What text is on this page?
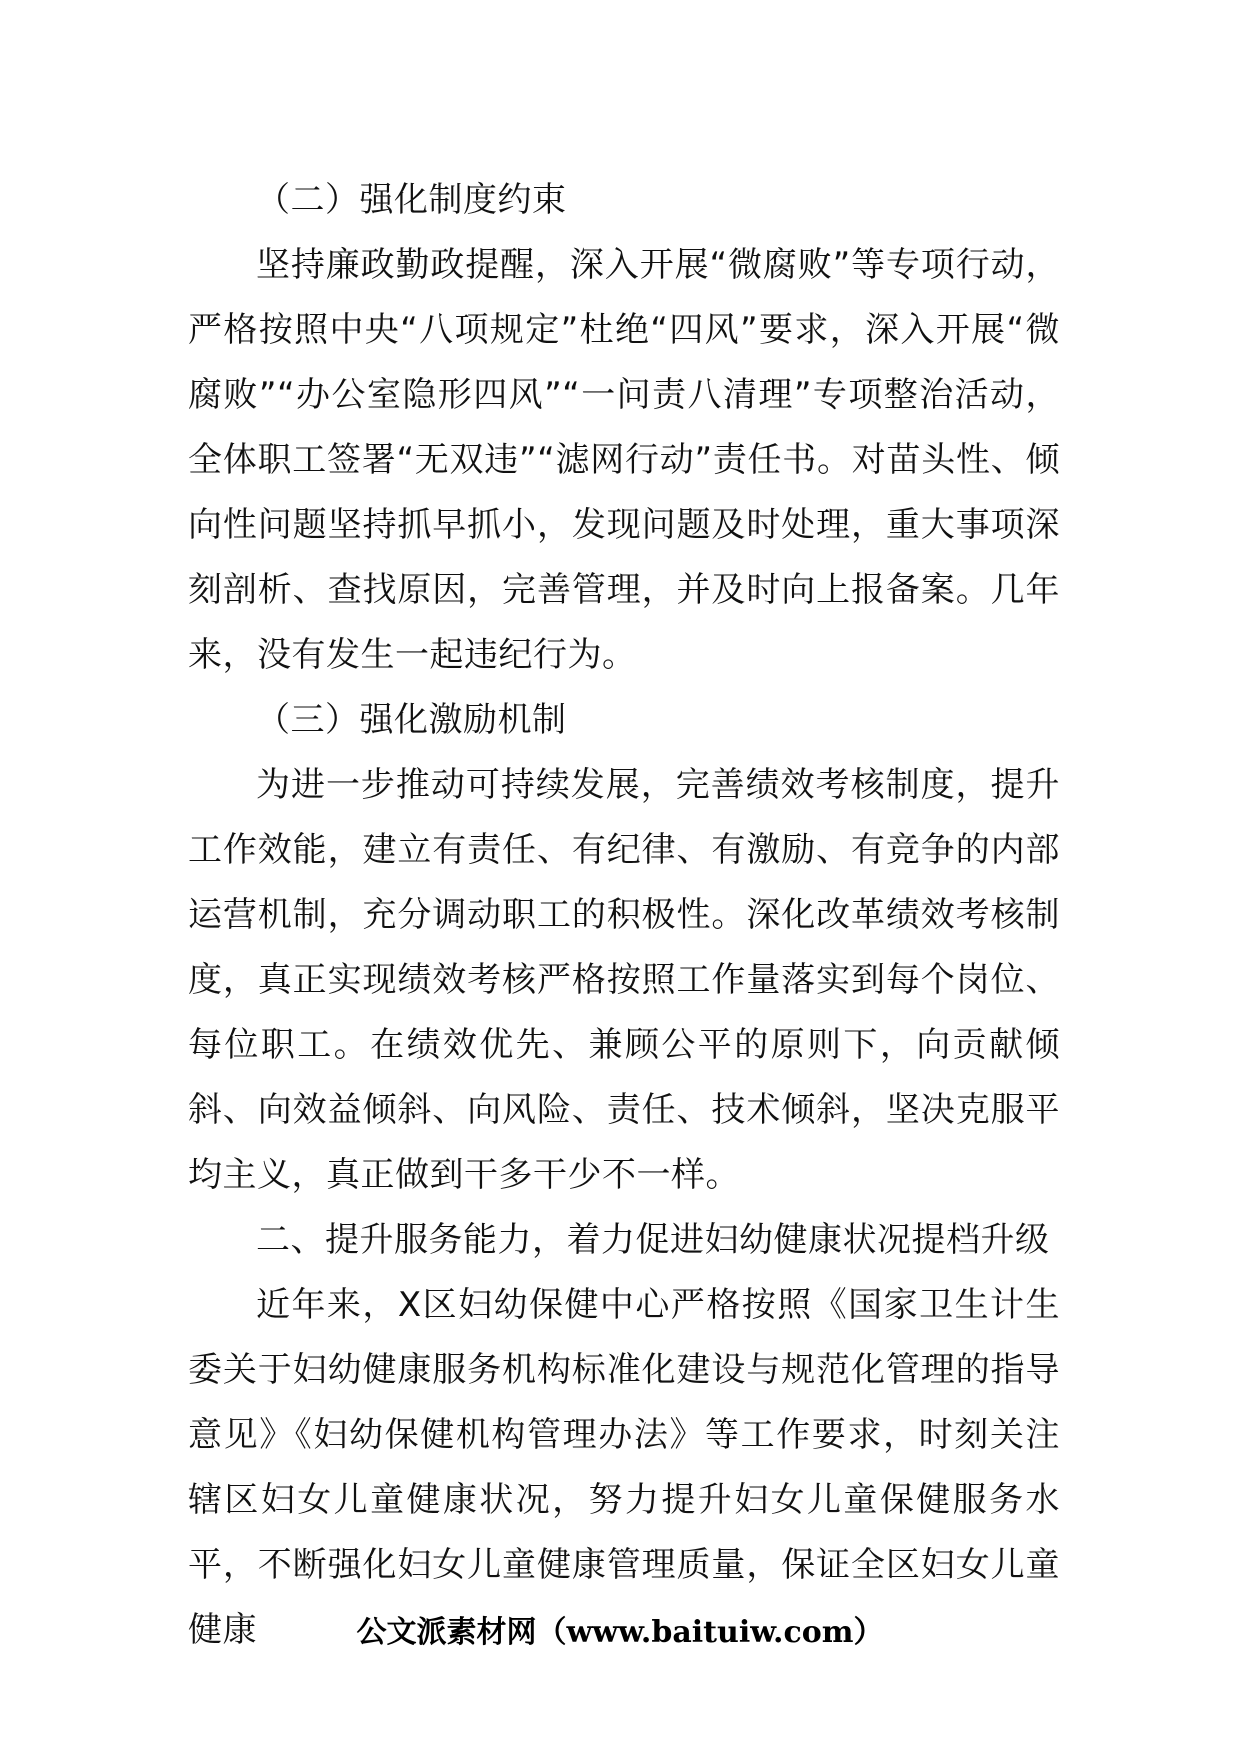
（二）强化制度约束

坚持廉政勤政提醒，深入开展“微腐败”等专项行动，严格按照中央“八项规定”杜绝“四风”要求，深入开展“微腐败”“办公室隐形四风”“一问责八清理”专项整治活动，全体职工签署“无双违”“滤网行动”责任书。对苗头性、倾向性问题坚持抓早抓小，发现问题及时处理，重大事项深刻剖析、查找原因，完善管理，并及时向上报备案。几年来，没有发生一起违纪行为。

（三）强化激励机制

为进一步推动可持续发展，完善绩效考核制度，提升工作效能，建立有责任、有纪律、有激励、有竞争的内部运营机制，充分调动职工的积极性。深化改革绩效考核制度，真正实现绩效考核严格按照工作量落实到每个岗位、每位职工。在绩效优先、兼顾公平的原则下，向贡献倾斜、向效益倾斜、向风险、责任、技术倾斜，坚决克服平均主义，真正做到干多干少不一样。

二、提升服务能力，着力促进妇幼健康状况提档升级

近年来，X区妇幼保健中心严格按照《国家卫生计生委关于妇幼健康服务机构标准化建设与规范化管理的指导意见》《妇幼保健机构管理办法》等工作要求，时刻关注辖区妇女儿童健康状况，努力提升妇女儿童保健服务水平，不断强化妇女儿童健康管理质量，保证全区妇女儿童健康	公文派素材网（www.baituiw.com）
